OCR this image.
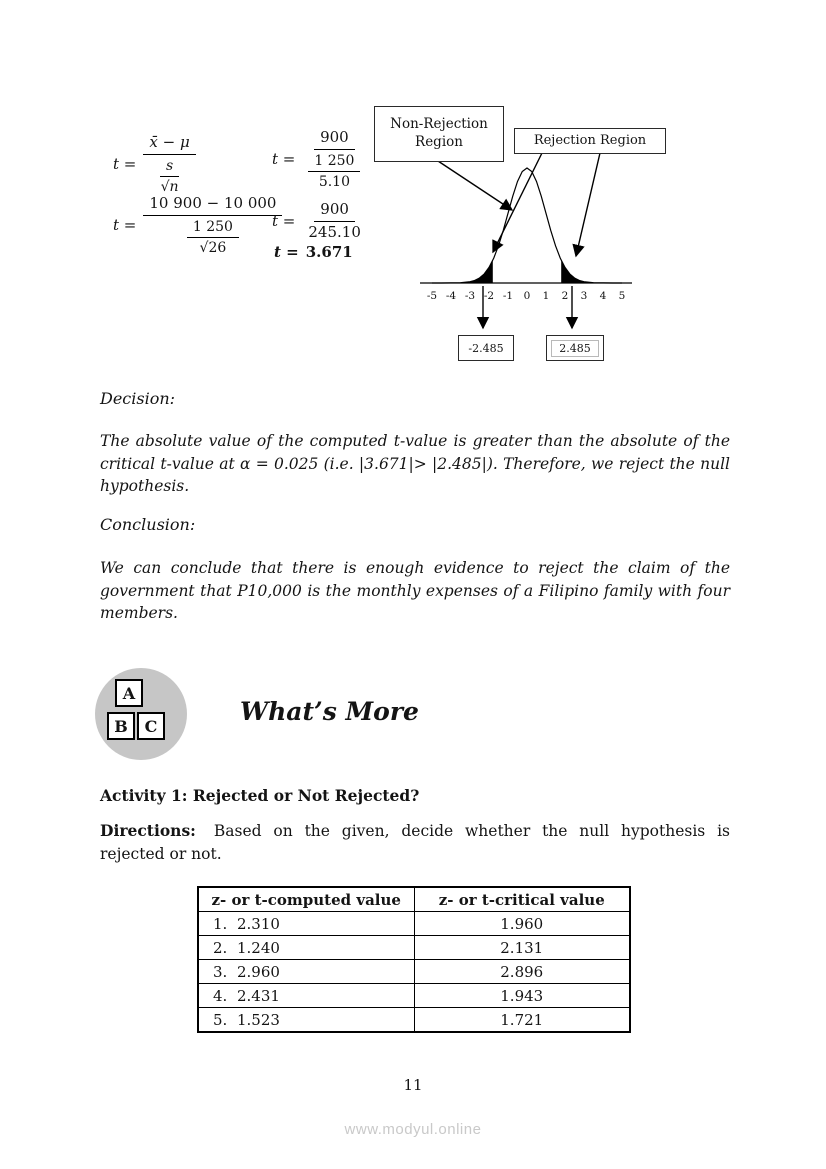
$t = \frac{x̄ - \mu}{\frac{s}{√n}}$	$t = \frac{900}{\frac{1 250}{5.10}}$
$t = \frac{10 900 - 10 000}{\frac{1 250}{√26}}$
$t = \frac{900}{245.10}$
t = 3.671
-5 -4 -3 -2 -1 0 1 2 3 4 5
Non-Rejection Region	Rejection Region
-2.485	2.485
Decision:

The absolute value of the computed t-value is greater than the absolute of the critical t-value at α = 0.025 (i.e. |3.671|> |2.485|). Therefore, we reject the null hypothesis.

Conclusion:

We can conclude that there is enough evidence to reject the claim of the government that P10,000 is the monthly expenses of a Filipino family with four members.

A
B	C	What’s More
Activity 1: Rejected or Not Rejected?

Directions: Based on the given, decide whether the null hypothesis is rejected or not.

z- or t-computed value	z- or t-critical value
1. 2.310	1.960
2. 1.240	2.131
3. 2.960	2.896
4. 2.431	1.943
5. 1.523	1.721
11
www.modyul.online
